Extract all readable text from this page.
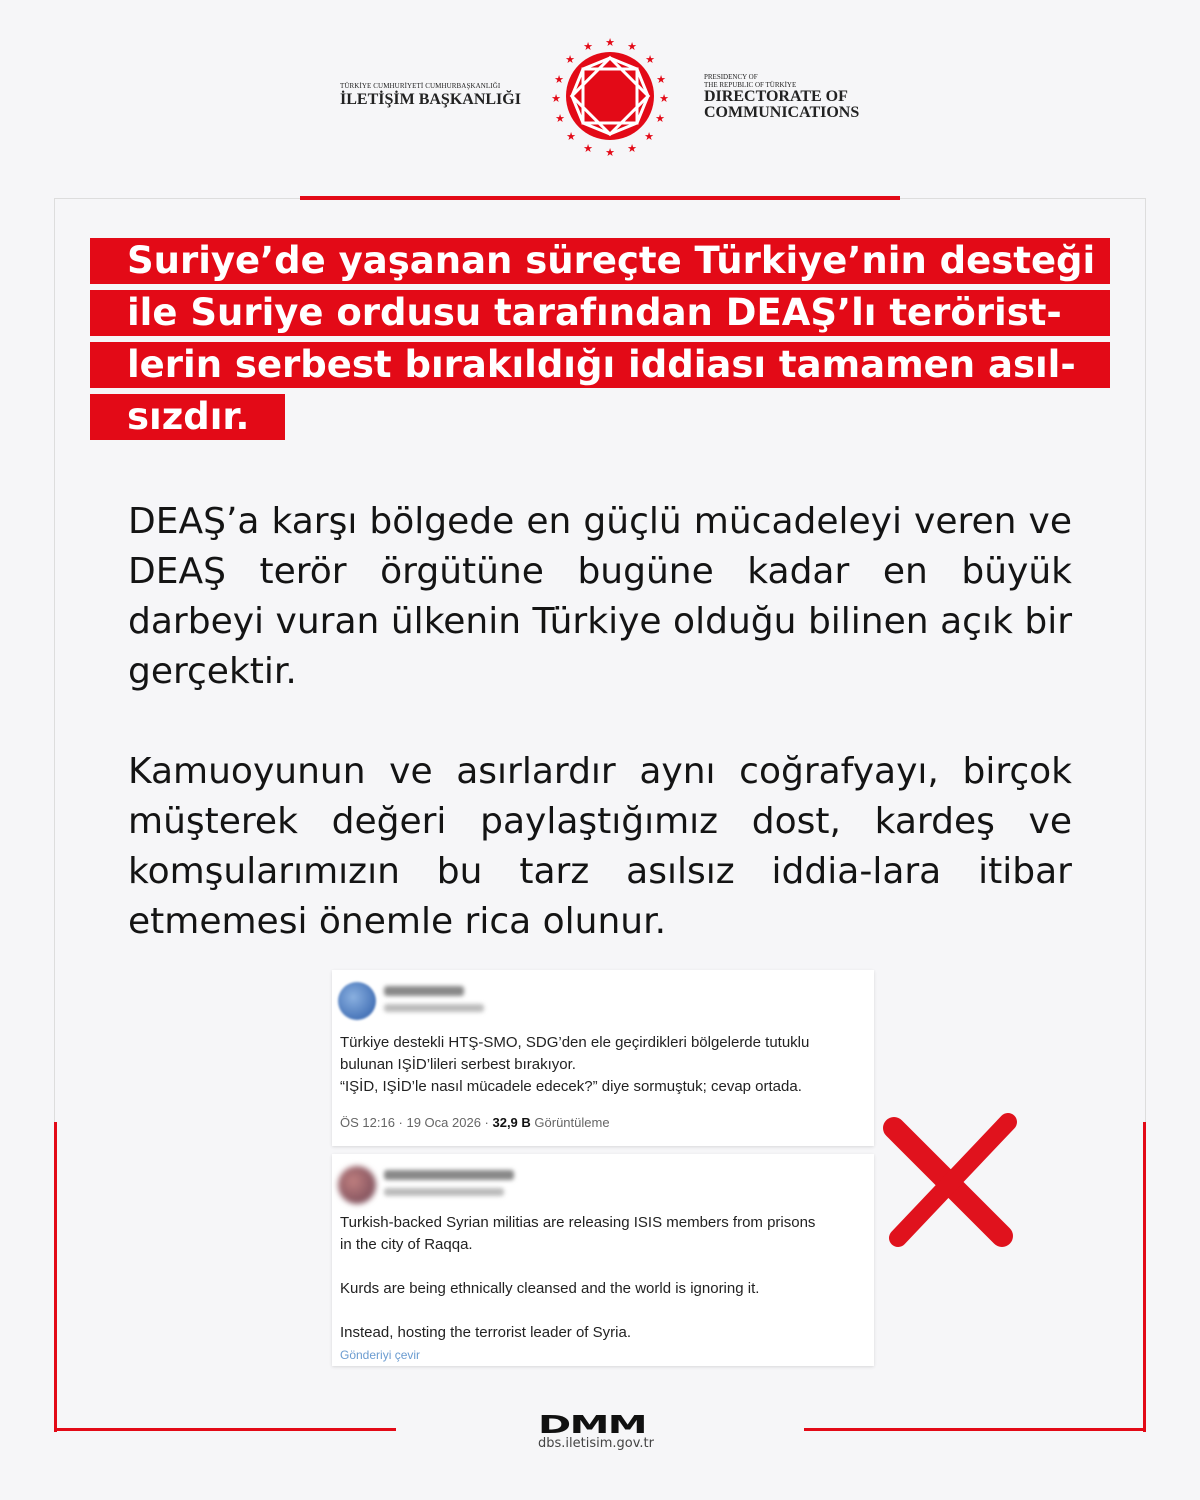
TÜRKİYE CUMHURİYETİ CUMHURBAŞKANLIĞI
İLETİŞİM BAŞKANLIĞI
★ ★
★
★
★
★
★
★
★
★
★
★
★
★
★
★
PRESIDENCY OF
THE REPUBLIC OF TÜRKİYE
DIRECTORATE OF
COMMUNICATIONS
Suriye’de yaşanan süreçte Türkiye’nin desteği
ile Suriye ordusu tarafından DEAŞ’lı terörist-
lerin serbest bırakıldığı iddiası tamamen asıl-
sızdır.
DEAŞ’a karşı bölgede en güçlü mücadeleyi veren ve DEAŞ terör örgütüne bugüne kadar en büyük darbeyi vuran ülkenin Türkiye olduğu bilinen açık bir gerçektir.
Kamuoyunun ve asırlardır aynı coğrafyayı, birçok müşterek değeri paylaştığımız dost, kardeş ve komşularımızın bu tarz asılsız iddia-lara itibar etmemesi önemle rica olunur.
Türkiye destekli HTŞ-SMO, SDG’den ele geçirdikleri bölgelerde tutuklu
bulunan IŞİD’lileri serbest bırakıyor.
“IŞİD, IŞİD’le nasıl mücadele edecek?” diye sormuştuk; cevap ortada.
ÖS 12:16 · 19 Oca 2026 · 32,9 B Görüntüleme
Turkish-backed Syrian militias are releasing ISIS members from prisons
in the city of Raqqa.
Kurds are being ethnically cleansed and the world is ignoring it.
Instead, hosting the terrorist leader of Syria.
Gönderiyi çevir
DMM
dbs.iletisim.gov.tr
